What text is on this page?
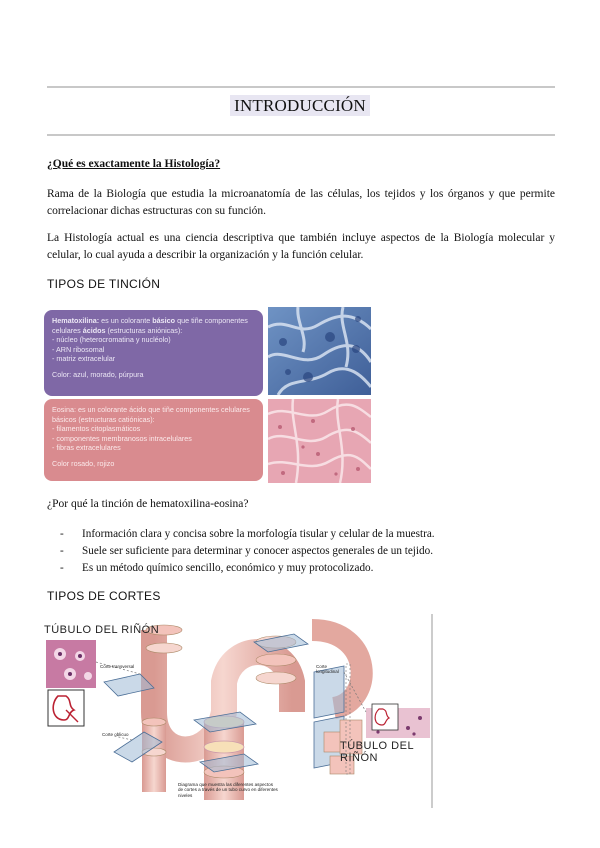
INTRODUCCIÓN
¿Qué es exactamente la Histología?
Rama de la Biología que estudia la microanatomía de las células, los tejidos y los órganos y que permite correlacionar dichas estructuras con su función.
La Histología actual es una ciencia descriptiva que también incluye aspectos de la Biología molecular y celular, lo cual ayuda a describir la organización y la función celular.
TIPOS DE TINCIÓN
Hematoxilina: es un colorante básico que tiñe componentes celulares ácidos (estructuras aniónicas):
- núcleo (heterocromatina y nucléolo)
- ARN ribosomal
- matriz extracelular
Color: azul, morado, púrpura
Eosina: es un colorante ácido que tiñe componentes celulares básicos (estructuras catiónicas):
- filamentos citoplasmáticos
- componentes membranosos intracelulares
- fibras extracelulares
Color rosado, rojizo
¿Por qué la tinción de hematoxilina-eosina?
- Información clara y concisa sobre la morfología tisular y celular de la muestra.
- Suele ser suficiente para determinar y conocer aspectos generales de un tejido.
- Es un método químico sencillo, económico y muy protocolizado.
TIPOS DE CORTES
TÚBULO DEL RIÑÓN
TÚBULO DEL RIÑÓN
Corte transversal	Corte longitudinal
Corte oblicuo
Diagrama que muestra las diferentes aspectos de cortes a través de un tubo curvo en diferentes niveles
